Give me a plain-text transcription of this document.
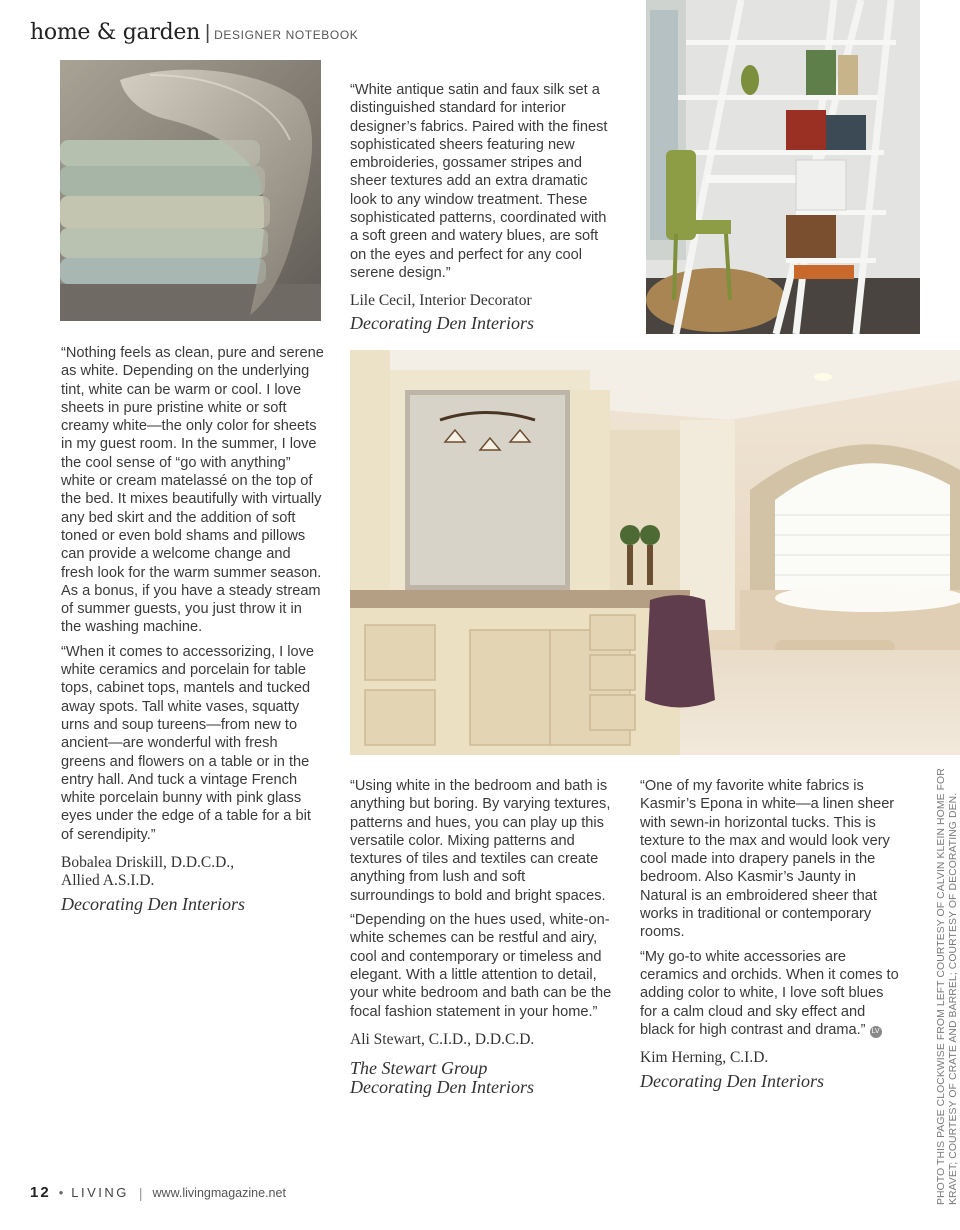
home & garden | DESIGNER NOTEBOOK

“White antique satin and faux silk set a distinguished standard for interior designer’s fabrics. Paired with the finest sophisticated sheers featuring new embroideries, gossamer stripes and sheer textures add an extra dramatic look to any window treatment. These sophisticated patterns, coordinated with a soft green and watery blues, are soft on the eyes and perfect for any cool serene design.”

Lile Cecil, Interior Decorator
Decorating Den Interiors

“Nothing feels as clean, pure and serene as white. Depending on the underlying tint, white can be warm or cool. I love sheets in pure pristine white or soft creamy white—the only color for sheets in my guest room. In the summer, I love the cool sense of “go with anything” white or cream matelassé on the top of the bed. It mixes beautifully with virtually any bed skirt and the addition of soft toned or even bold shams and pillows can provide a welcome change and fresh look for the warm summer season. As a bonus, if you have a steady stream of summer guests, you just throw it in the washing machine.

“When it comes to accessorizing, I love white ceramics and porcelain for table tops, cabinet tops, mantels and tucked away spots. Tall white vases, squatty urns and soup tureens—from new to ancient—are wonderful with fresh greens and flowers on a table or in the entry hall. And tuck a vintage French white porcelain bunny with pink glass eyes under the edge of a table for a bit of serendipity.”

Bobalea Driskill, D.D.C.D.,
Allied A.S.I.D.
Decorating Den Interiors

“Using white in the bedroom and bath is anything but boring. By varying textures, patterns and hues, you can play up this versatile color. Mixing patterns and textures of tiles and textiles can create anything from lush and soft surroundings to bold and bright spaces.

“Depending on the hues used, white-on-white schemes can be restful and airy, cool and contemporary or timeless and elegant. With a little attention to detail, your white bedroom and bath can be the focal fashion statement in your home.”

Ali Stewart, C.I.D., D.D.C.D.
The Stewart Group
Decorating Den Interiors

“One of my favorite white fabrics is Kasmir’s Epona in white—a linen sheer with sewn-in horizontal tucks. This is texture to the max and would look very cool made into drapery panels in the bedroom. Also Kasmir’s Jaunty in Natural is an embroidered sheer that works in traditional or contemporary rooms.

“My go-to white accessories are ceramics and orchids. When it comes to adding color to white, I love soft blues for a calm cloud and sky effect and black for high contrast and drama.” LV

Kim Herning, C.I.D.
Decorating Den Interiors	PHOTO THIS PAGE CLOCKWISE FROM LEFT COURTESY OF CALVIN KLEIN HOME FOR KRAVET; COURTESY OF CRATE AND BARREL; COURTESY OF DECORATING DEN.
12 • LIVING | www.livingmagazine.net
